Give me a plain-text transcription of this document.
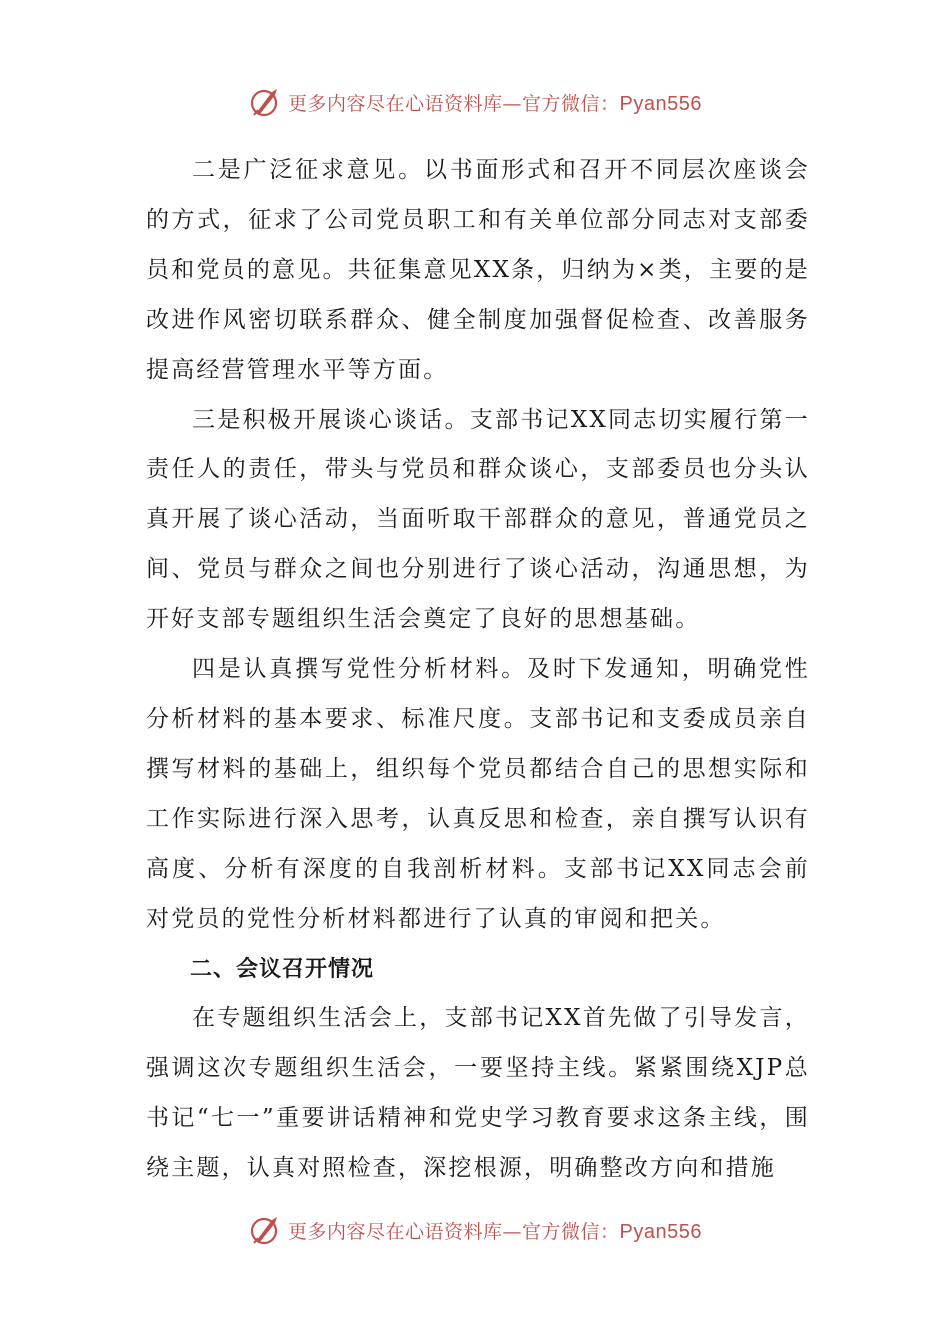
更多内容尽在心语资料库—官方微信：Pyan556

二是广泛征求意见。以书面形式和召开不同层次座谈会的方式，征求了公司党员职工和有关单位部分同志对支部委员和党员的意见。共征集意见XX条，归纳为×类，主要的是改进作风密切联系群众、健全制度加强督促检查、改善服务提高经营管理水平等方面。

三是积极开展谈心谈话。支部书记XX同志切实履行第一责任人的责任，带头与党员和群众谈心，支部委员也分头认真开展了谈心活动，当面听取干部群众的意见，普通党员之间、党员与群众之间也分别进行了谈心活动，沟通思想，为开好支部专题组织生活会奠定了良好的思想基础。

四是认真撰写党性分析材料。及时下发通知，明确党性分析材料的基本要求、标准尺度。支部书记和支委成员亲自撰写材料的基础上，组织每个党员都结合自己的思想实际和工作实际进行深入思考，认真反思和检查，亲自撰写认识有高度、分析有深度的自我剖析材料。支部书记XX同志会前对党员的党性分析材料都进行了认真的审阅和把关。

二、会议召开情况

在专题组织生活会上，支部书记XX首先做了引导发言，强调这次专题组织生活会，一要坚持主线。紧紧围绕XJP总书记“七一”重要讲话精神和党史学习教育要求这条主线，围绕主题，认真对照检查，深挖根源，明确整改方向和措施

更多内容尽在心语资料库—官方微信：Pyan556
